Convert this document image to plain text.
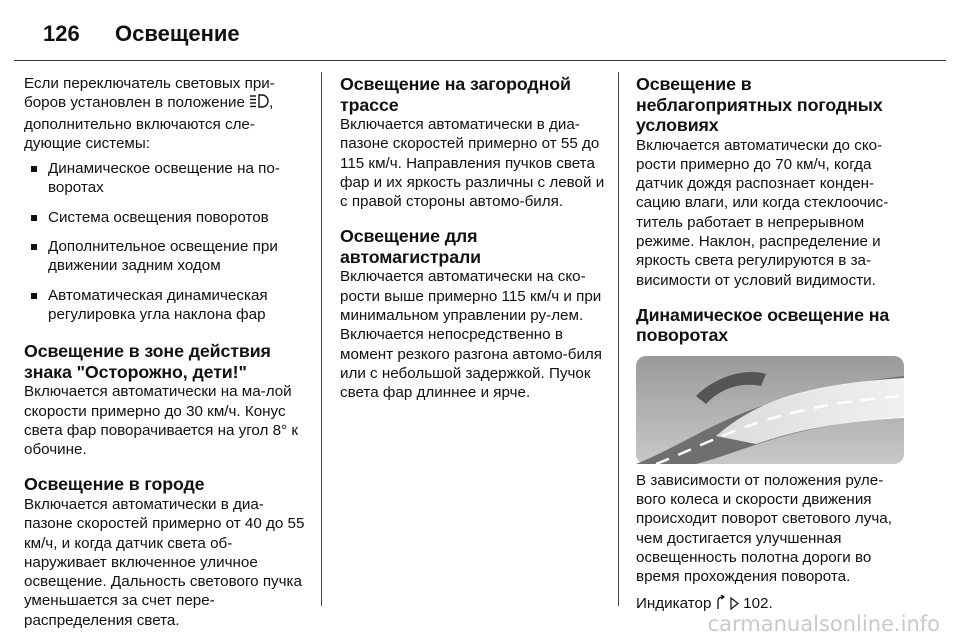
126	Освещение

Если переключатель световых при-боров установлен в положение , дополнительно включаются сле-дующие системы:

Динамическое освещение на по-воротах
Система освещения поворотов
Дополнительное освещение при движении задним ходом
Автоматическая динамическая регулировка угла наклона фар
Освещение в зоне действия знака "Осторожно, дети!"

Включается автоматически на ма-лой скорости примерно до 30 км/ч. Конус света фар поворачивается на угол 8° к обочине.

Освещение в городе

Включается автоматически в диа-пазоне скоростей примерно от 40 до 55 км/ч, и когда датчик света об-наруживает включенное уличное освещение. Дальность светового пучка уменьшается за счет пере-распределения света.

Освещение на загородной трассе

Включается автоматически в диа-пазоне скоростей примерно от 55 до 115 км/ч. Направления пучков света фар и их яркость различны с левой и с правой стороны автомо-биля.

Освещение для автомагистрали

Включается автоматически на ско-рости выше примерно 115 км/ч и при минимальном управлении ру-лем. Включается непосредственно в момент резкого разгона автомо-биля или с небольшой задержкой. Пучок света фар длиннее и ярче.

Освещение в неблагоприятных погодных условиях

Включается автоматически до ско-рости примерно до 70 км/ч, когда датчик дождя распознает конден-сацию влаги, или когда стеклоочис-титель работает в непрерывном режиме. Наклон, распределение и яркость света регулируются в за-висимости от условий видимости.

Динамическое освещение на поворотах

В зависимости от положения руле-вого колеса и скорости движения происходит поворот светового луча, чем достигается улучшенная освещенность полотна дороги во время прохождения поворота.

Индикатор 102.

carmanualsonline.info
